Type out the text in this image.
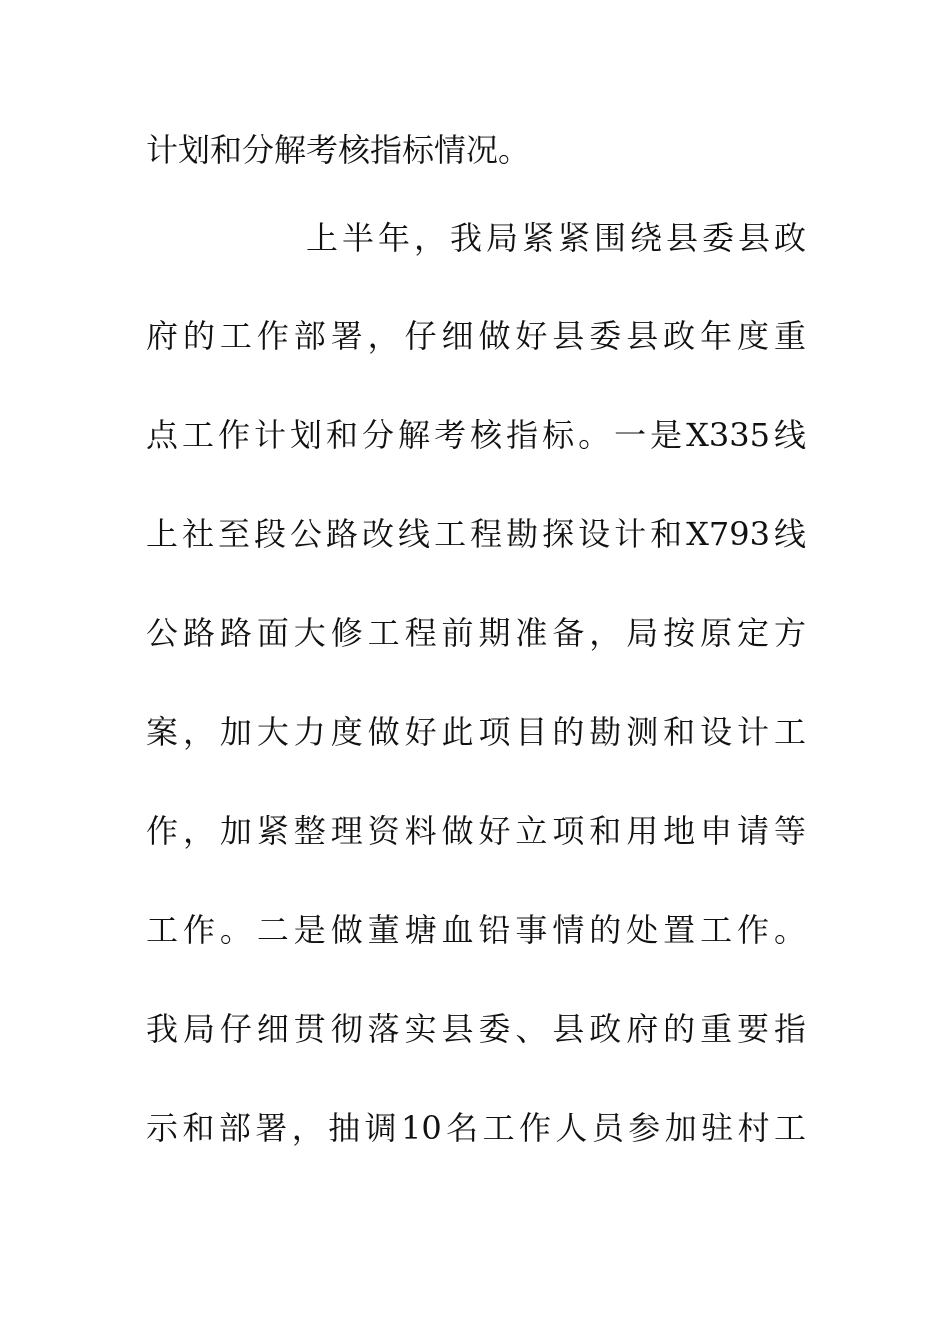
计划和分解考核指标情况。
上半年，我局紧紧围绕县委县政
府的工作部署，仔细做好县委县政年度重
点工作计划和分解考核指标。一是X335线
上社至段公路改线工程勘探设计和X793线
公路路面大修工程前期准备，局按原定方
案，加大力度做好此项目的勘测和设计工
作，加紧整理资料做好立项和用地申请等
工作。二是做董塘血铅事情的处置工作。
我局仔细贯彻落实县委、县政府的重要指
示和部署，抽调10名工作人员参加驻村工
